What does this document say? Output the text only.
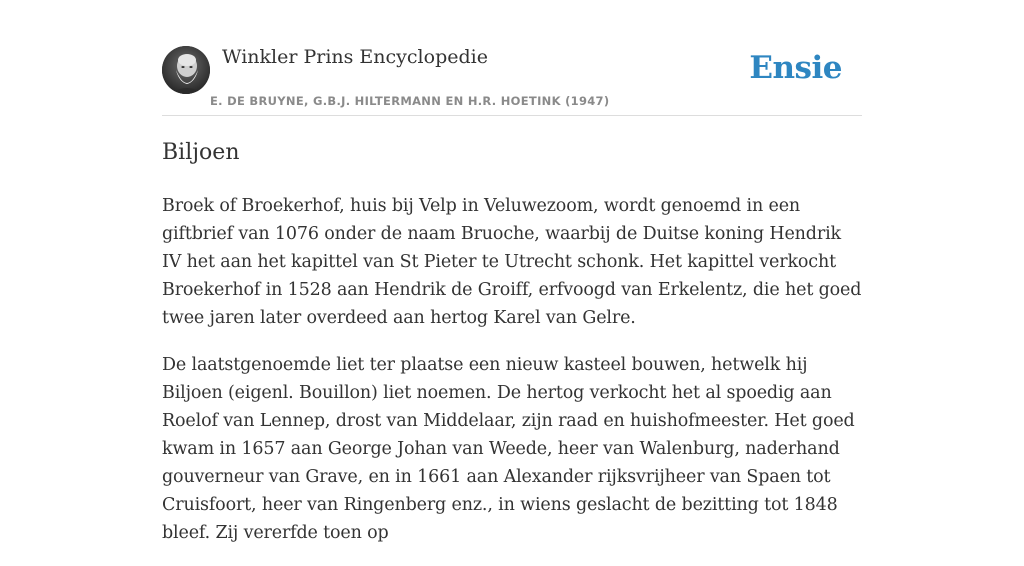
Winkler Prins Encyclopedie
E. DE BRUYNE, G.B.J. HILTERMANN EN H.R. HOETINK (1947)
Ensie
Biljoen

Broek of Broekerhof, huis bij Velp in Veluwezoom, wordt genoemd in een giftbrief van 1076 onder de naam Bruoche, waarbij de Duitse koning Hendrik IV het aan het kapittel van St Pieter te Utrecht schonk. Het kapittel verkocht Broekerhof in 1528 aan Hendrik de Groiff, erfvoogd van Erkelentz, die het goed twee jaren later overdeed aan hertog Karel van Gelre.

De laatstgenoemde liet ter plaatse een nieuw kasteel bouwen, hetwelk hij Biljoen (eigenl. Bouillon) liet noemen. De hertog verkocht het al spoedig aan Roelof van Lennep, drost van Middelaar, zijn raad en huishofmeester. Het goed kwam in 1657 aan George Johan van Weede, heer van Walenburg, naderhand gouverneur van Grave, en in 1661 aan Alexander rijksvrijheer van Spaen tot Cruisfoort, heer van Ringenberg enz., in wiens geslacht de bezitting tot 1848 bleef. Zij vererfde toen op
